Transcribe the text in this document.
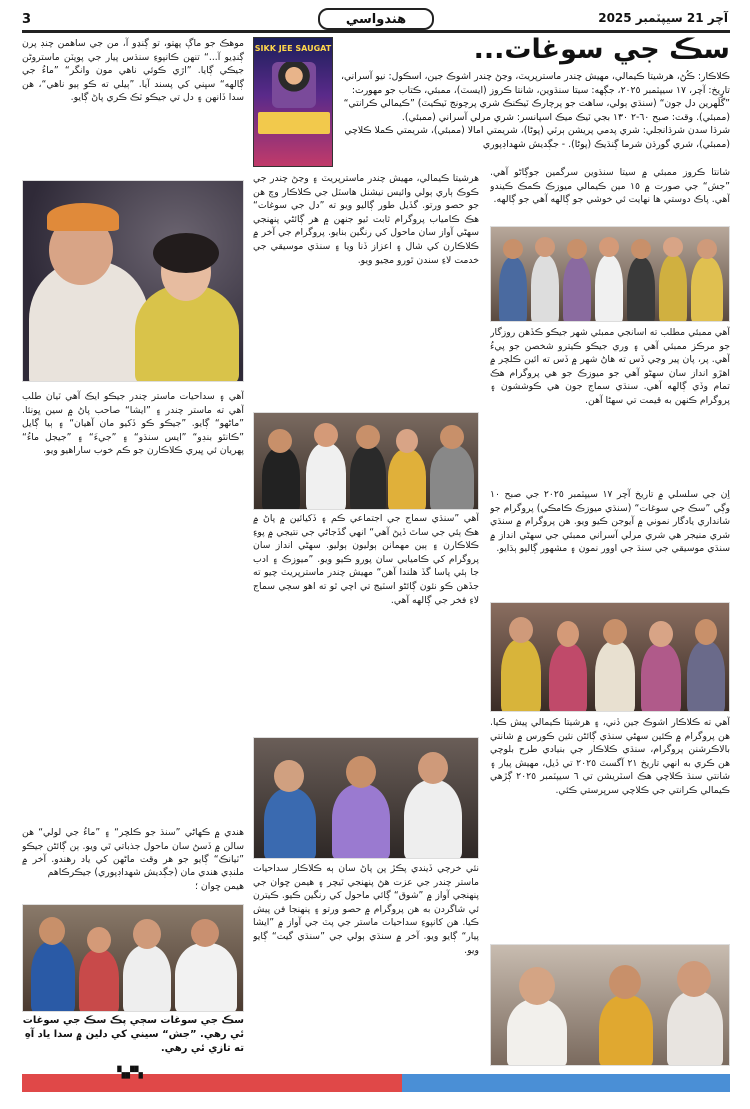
3	هندواسي	آچر 21 سيپٽمبر 2025
سڪ جي سوغات...
ڪلاڪار: ڪُڻ، هرشيتا ڪيمالي، مهيش چندر ماسترپريٽ، وڃڻ چندر اشوڪ جين، اسڪول: نيو آسراني، تاريخ: آچر، ١٧ سيپٽمبر ٢٠٢٥، جڳهه: سيتا سنڌوين، شانتا ڪروز (ايسٽ)، ممبئي، ڪتاب جو مهورت: ”گُلَهرين دل جون“ (سنڌي ٻولي، ساهت جو پرچارڪ ٽيڪنڪ شري پرچونج ٽيڪيٽ) ”ڪيمالي ڪرانتي“ (ممبئي). وقت: صبح ٦٠-٢ ١٣٠ بجي ٽيڪ ميڪ اسپانسر: شري مرلي آسراني (ممبئي).
شرڌا سدن شرڌانجلي: شري پدمي پريشن ٻرٽي (پوڻا)، شريمتي امالا (ممبئي)، شريمتي ڪملا ڪلاچي (ممبئي)، شري گورڌن شرما ڳنڌيڪ (پوڻا). - جڳديش شهداڊپوري
SIKK JEE SAUGAT
موهڪ جو ماڳ پهتو، تو ڳنڍو آ، من جي ساهمن چنڊ پرن ڳنڍيو آ...“ تنهن ڪانپوءِ سنڌس پيار جي پوپٽن ماستروڻن جيڪي ڳايا. ”اڙي ڪوئي ناهي مون وانگر“ ”ماءُ جي ڳالهه“ سڀني کي پسند آيا. ”ٻيلي ته ڪو ٻيو ناهي“، هن سدا ڏانهن ۽ دل تي جيڪو ٽڪ ڪري پاڻ ڳايو.
آهي ۽ سداحيات ماستر چندر جيڪو ايڪ آهي ٽيان طلب آهي ته ماستر چندر ۽ ”ايشا“ صاحب پاڻ ۾ سين ڀونئا. ”ماڻهو“ ڳايو. ”جيڪو ڪو ڏکيو مان آهيان“ ۽ ٻيا ڳايل ”ڪانٿو بنڊو“ ”ايس سنڌو“ ۽ ”جيءَ“ ۽ ”جيجل ماءُ“ پهريان ئي ڀيري ڪلاڪارن جو ڪم خوب ساراهيو ويو.
هندي ۾ ڪهاڻي ”سنڌ جو ڪلچر“ ۽ ”ماءُ جي لولي“ هن سالن ۾ ڏسڻ سان ماحول جذباتي ٿي ويو. ٻن ڳائڻن جيڪو ”ٽيانڪ“ ڳايو جو هر وقت ماڻهن کي ياد رهندو. آخر ۾
ملنڊي هندي مان (جڳديش شهداڊپوري) جيڪرڪاهم
هيمن ڇوان ؛
هرشيتا ڪيمالي، مهيش چندر ماسترپريٽ ۽ وڃڻ چندر جي ڪوڪ ٻاري ٻولي وائيس نيشنل هاسٽل جي ڪلاڪار وچ هن جو حصو ورتو. گڏيل طور ڳاليو ويو ته ”دل جي سوغات“ هڪ ڪامياب پروگرام ثابت ٿيو جنهن ۾ هر ڳائڻي پنهنجي سهڻي آواز سان ماحول کي رنگين بنايو. پروگرام جي آخر ۾ ڪلاڪارن کي شال ۽ اعزاز ڏنا ويا ۽ سنڌي موسيقي جي خدمت لاءِ سندن ٿورو مڃيو ويو.
آهي ”سنڌي سماج جي اجتماعي ڪم ۽ ڏکيائين ۾ پاڻ ۾ هڪ ٻئي جي ساٿ ڏيڻ آهي“ انهي گڏجاڻي جي نتيجي ۾ پوءِ ڪلاڪارن ۽ ٻين مهمانن ٻوليون ٻوليو. سهڻي انداز سان پروگرام کي ڪاميابي سان پورو ڪيو ويو. ”ميوزڪ ۽ ادب جا ٻئي پاسا گڏ هلندا آهن“ مهيش چندر ماسترپريٽ چيو ته جڏهن ڪو نئون ڳائڻو اسٽيج تي اچي ٿو ته اهو سڄي سماج لاءِ فخر جي ڳالهه آهي.
نئي خرچي ڏيندي پڪڙ پن پاڻ سان ٻه ڪلاڪار سداحيات ماستر چندر جي عزت هڻ پنهنجي ٽيچر ۽ هيمن ڇوان جي پنهنجي آواز ۾ ”شوق“ ڳائي ماحول کي رنگين ڪيو. ڪيترن ئي شاگردن به هن پروگرام ۾ حصو ورتو ۽ پنهنجا فن پيش ڪيا. هن کانپوءِ سداحيات ماستر جي پٽ جي آواز ۾ ”ايشا پيار“ ڳايو ويو. آخر ۾ سنڌي ٻولي جي ”سنڌي گيت“ ڳايو ويو.
شانتا ڪروز ممبئي ۾ سيتا سنڌوين سرگمين جوڳاڻو آهي. ”جش“ جي صورت ۾ ١٥ مين ڪيمالي ميوزڪ ڪمڪ ڪيندو آهي. پاڪ دوستي ها نهايت ئي خوشي جو ڳالهه آهي جو ڳالهه.
آهي ممبئي مطلب ته اسانجي ممبئي شهر جيڪو ڪڏهن روزگار جو مرڪز ممبئي آهي ۽ وري جيڪو ڪيترو شخصن جو پيءُ آهي. پر، پان پير وڃي ڏس ته هاڻ شهر ۾ ڏس ته ائين ڪلچر ۾ اهڙو انداز سان سهڻو آهي جو ميوزڪ جو هي پروگرام هڪ تمام وڏي ڳالهه آهي. سنڌي سماج جون هي ڪوششون ۽ پروگرام ڪنهن به قيمت تي سهڻا آهن.
اِن جي سلسلي ۾ تاريخ آچر ١٧ سيپٽمبر ٢٠٢٥ جي صبح ١٠ وڳي ”سڪ جي سوغات“ (سنڌي ميوزڪ ڪامڪي) پروگرام جو شانداري يادگار نموني ۾ آيوجن ڪيو ويو. هن پروگرام ۾ سنڌي شري منيجر هي شري مرلي آسراني ممبئي جي سهڻي انداز ۾ سنڌي موسيقي جي سنڌ جي اوور نمون ۽ مشهور ڳاليو ٻڌايو.
آهي ته ڪلاڪار اشوڪ جين ڏني، ۽ هرشيتا ڪيمالي پيش ڪيا. هن پروگرام ۾ ڪئين سهڻي سنڌي ڳائڻن نئين ڪورس ۾ شانتي بالاڪرشنن پروگرام، سنڌي ڪلاڪار جي بنيادي طرح بلوچي هن ڪري به انهي تاريخ ٢١ آگسٽ ٢٠٢٥ تي ڏيل، مهيش پيار ۽ شانتي سنڌ ڪلاچي هڪ اسٽريشن تي ٦ سيپٽمبر ٢٠٢٥ ڳڙهي ڪيمالي ڪرانتي جي ڪلاچي سرپرستي ڪئي.
سڪ جي سوغات سڄي پڪ سڪ جي سوغات ئي رهي. ”جش“ سيني کي دلين ۾ سدا ياد آهِ ته تازي ئي رهي.
▚▞▚
